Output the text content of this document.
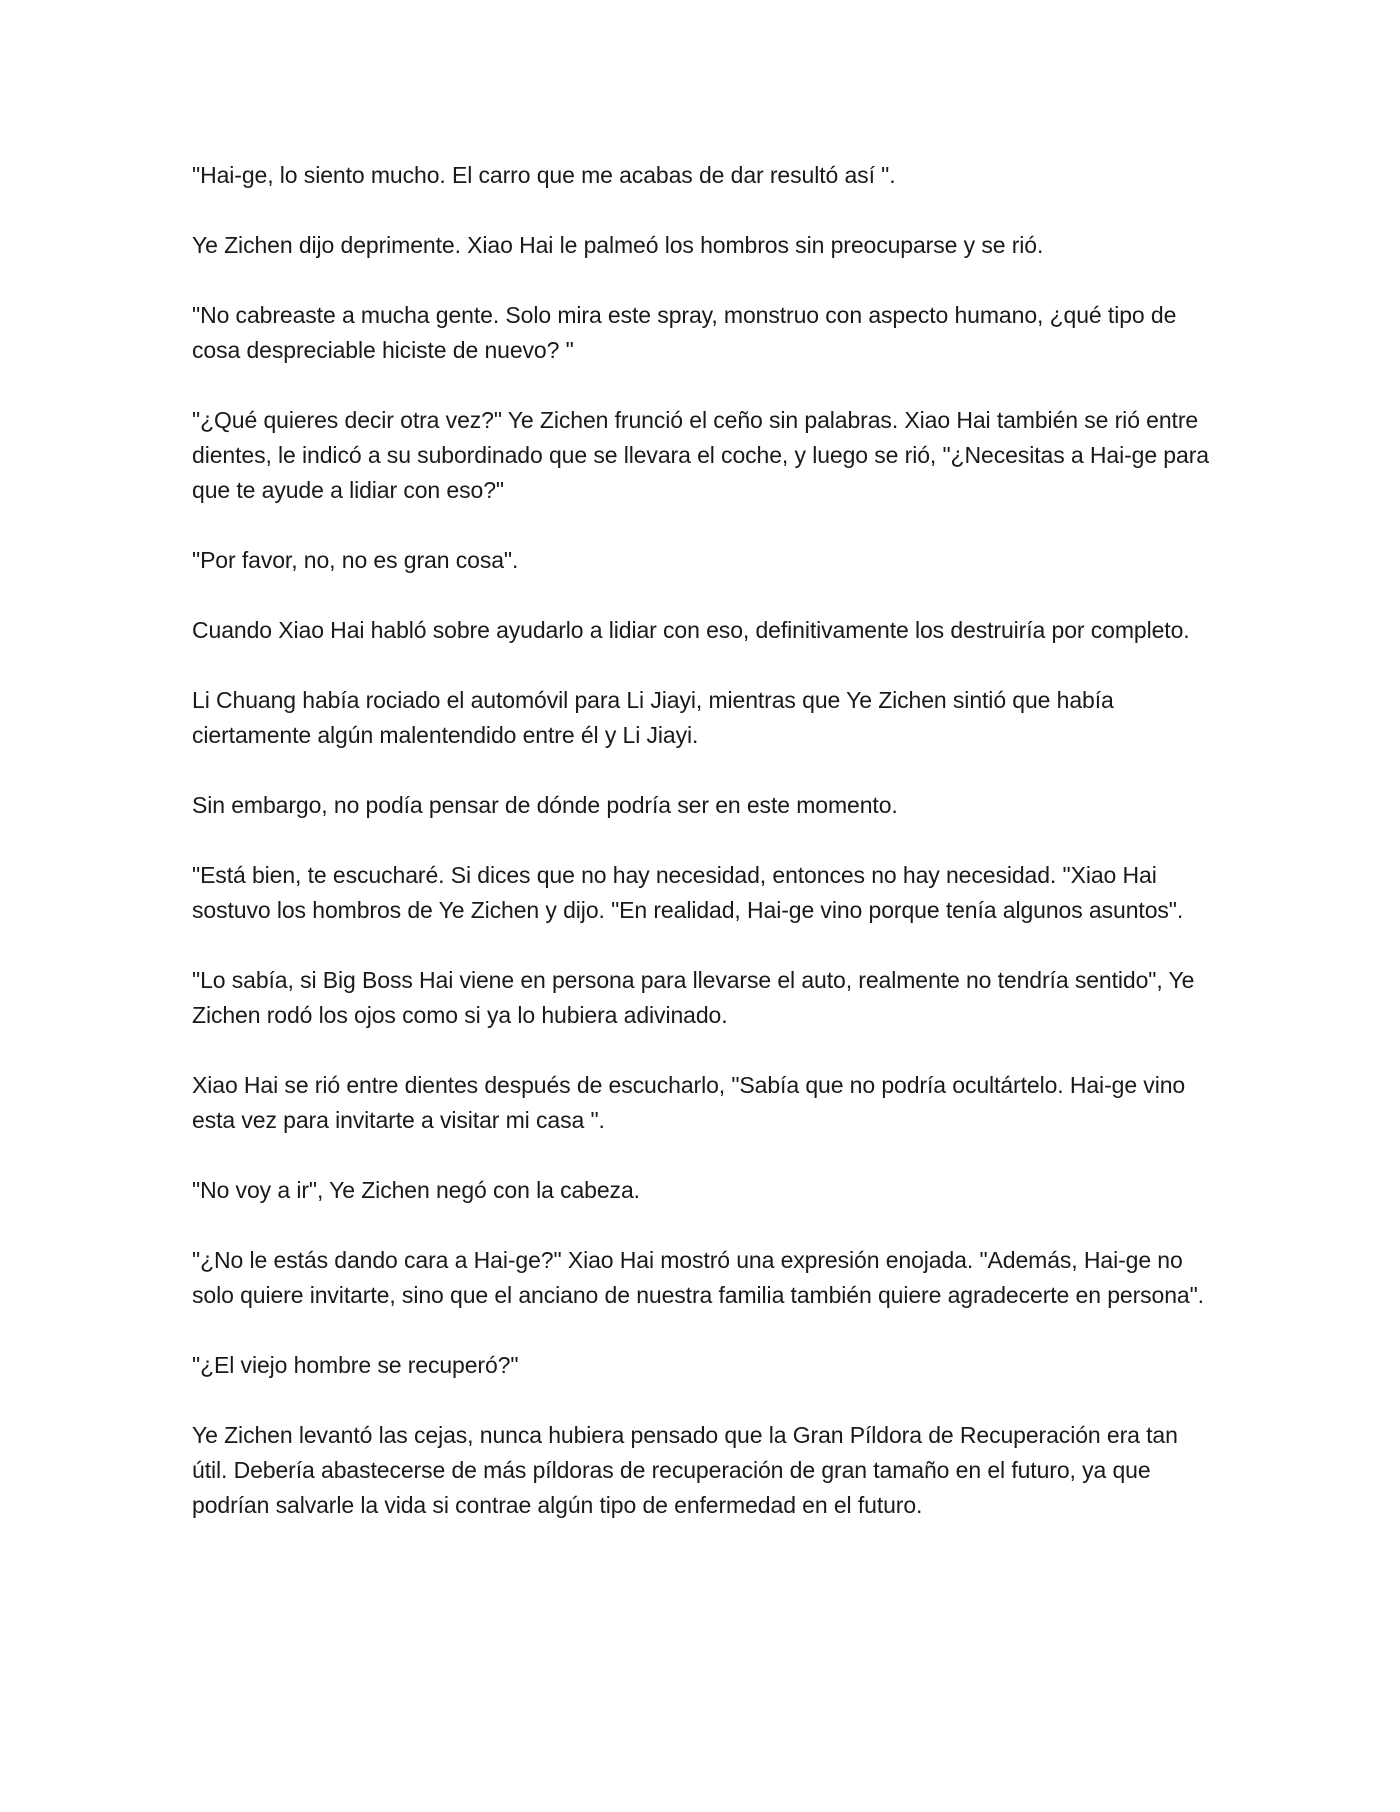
"Hai-ge, lo siento mucho. El carro que me acabas de dar resultó así ".

Ye Zichen dijo deprimente. Xiao Hai le palmeó los hombros sin preocuparse y se rió.

"No cabreaste a mucha gente. Solo mira este spray, monstruo con aspecto humano, ¿qué tipo de cosa despreciable hiciste de nuevo? "

"¿Qué quieres decir otra vez?" Ye Zichen frunció el ceño sin palabras. Xiao Hai también se rió entre dientes, le indicó a su subordinado que se llevara el coche, y luego se rió, "¿Necesitas a Hai-ge para que te ayude a lidiar con eso?"

"Por favor, no, no es gran cosa".

Cuando Xiao Hai habló sobre ayudarlo a lidiar con eso, definitivamente los destruiría por completo.

Li Chuang había rociado el automóvil para Li Jiayi, mientras que Ye Zichen sintió que había ciertamente algún malentendido entre él y Li Jiayi.

Sin embargo, no podía pensar de dónde podría ser en este momento.

"Está bien, te escucharé. Si dices que no hay necesidad, entonces no hay necesidad. "Xiao Hai sostuvo los hombros de Ye Zichen y dijo. "En realidad, Hai-ge vino porque tenía algunos asuntos".

"Lo sabía, si Big Boss Hai viene en persona para llevarse el auto, realmente no tendría sentido", Ye Zichen rodó los ojos como si ya lo hubiera adivinado.

Xiao Hai se rió entre dientes después de escucharlo, "Sabía que no podría ocultártelo. Hai-ge vino esta vez para invitarte a visitar mi casa ".

"No voy a ir", Ye Zichen negó con la cabeza.

"¿No le estás dando cara a Hai-ge?" Xiao Hai mostró una expresión enojada. "Además, Hai-ge no solo quiere invitarte, sino que el anciano de nuestra familia también quiere agradecerte en persona".

"¿El viejo hombre se recuperó?"

Ye Zichen levantó las cejas, nunca hubiera pensado que la Gran Píldora de Recuperación era tan útil. Debería abastecerse de más píldoras de recuperación de gran tamaño en el futuro, ya que podrían salvarle la vida si contrae algún tipo de enfermedad en el futuro.
